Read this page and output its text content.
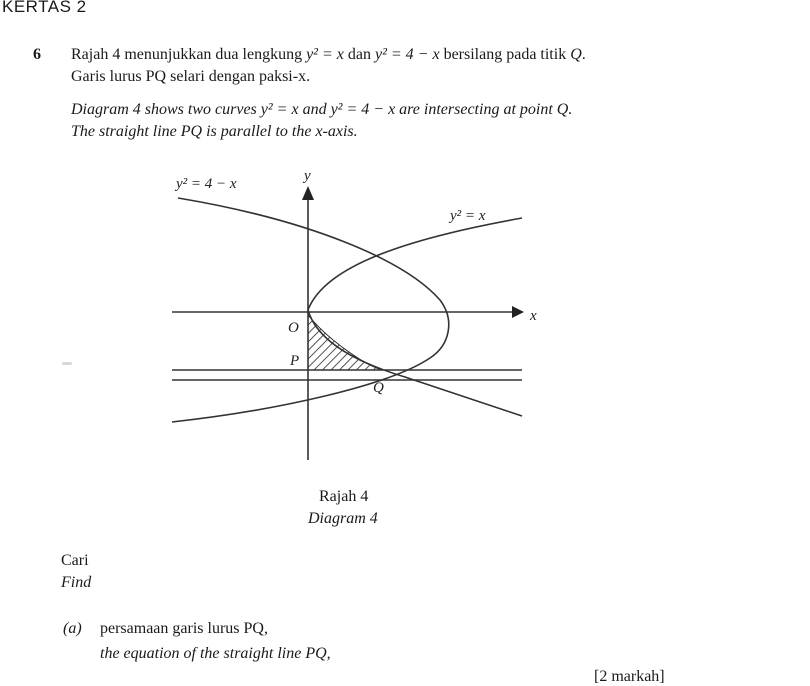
KERTAS 2
6 Rajah 4 menunjukkan dua lengkung y² = x dan y² = 4 − x bersilang pada titik Q.
Garis lurus PQ selari dengan paksi-x.
Diagram 4 shows two curves y² = x and y² = 4 − x are intersecting at point Q.
The straight line PQ is parallel to the x-axis.
y² = 4 − x
y² = x
y
x
O
P
Q
Rajah 4
Diagram 4
Cari
Find
(a) persamaan garis lurus PQ,
the equation of the straight line PQ,
[2 markah]
